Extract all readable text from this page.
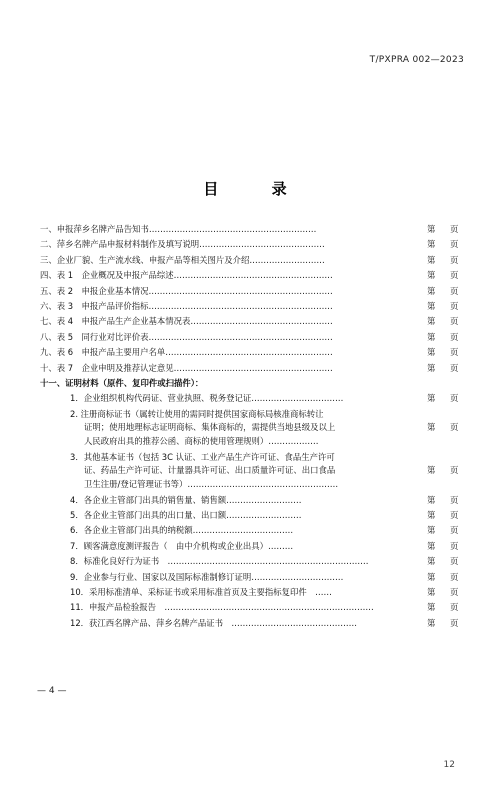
T/PXPRA 002—2023
目 录
一、申报萍乡名牌产品告知书……………………………………………………	第 页
二、萍乡名牌产品申报材料制作及填写说明………………………………………	第 页
三、企业厂貌、生产流水线、申报产品等相关图片及介绍………………………	第 页
四、表 1　企业概况及申报产品综述…………………………………………………	第 页
五、表 2　申报企业基本情况…………………………………………………………	第 页
六、表 3　申报产品评价指标…………………………………………………………	第 页
七、表 4　申报产品生产企业基本情况表……………………………………………	第 页
八、表 5　同行业对比评价表…………………………………………………………	第 页
九、表 6　申报产品主要用户名单……………………………………………………	第 页
十、表 7　企业申明及推荐认定意见…………………………………………………	第 页
十一、证明材料（原件、复印件或扫描件）：
1．企业组织机构代码证、营业执照、税务登记证……………………………	第 页
2. 注册商标证书（属转让使用的需同时提供国家商标局核准商标转让
证明；使用地理标志证明商标、集体商标的，需提供当地县级及以上
人民政府出具的推荐公函、商标的使用管理规则）………………
第 页
3．其他基本证书（包括 3C 认证、工业产品生产许可证、食品生产许可
证、药品生产许可证、计量器具许可证、出口质量许可证、出口食品
卫生注册/登记管理证书等）………………………………………………
第 页
4．各企业主管部门出具的销售量、销售额………………………	第 页
5．各企业主管部门出具的出口量、出口额………………………	第 页
6．各企业主管部门出具的纳税额………………………………	第 页
7．顾客满意度测评报告（　由中介机构或企业出具）………	第 页
8．标准化良好行为证书　………………………………………………………………	第 页
9．企业参与行业、国家以及国际标准制修订证明……………………………	第 页
10．采用标准清单、采标证书或采用标准首页及主要指标复印件　……	第 页
11．申报产品检验报告　…………………………………………………………………	第 页
12．获江西名牌产品、萍乡名牌产品证书　………………………………………	第 页
— 4 —
12
